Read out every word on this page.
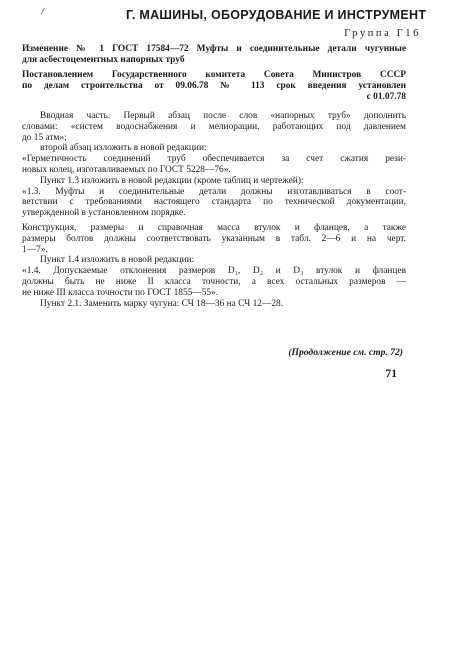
/	Г. МАШИНЫ, ОБОРУДОВАНИЕ И ИНСТРУМЕНТ
Группа Г16

Изменение № 1 ГОСТ 17584—72 Муфты и соединительные детали чугунные

для асбестоцементных напорных труб

Постановлением Государственного комитета Совета Министров СССР

по делам строительства от 09.06.78 № 113 срок введения установлен

с 01.07.78

Вводная часть. Первый абзац после слов «напорных труб» дополнить

словами: «систем водоснабжения и мелиорации, работающих под давлением

до 15 атм»;

второй абзац изложить в новой редакции:

«Герметичность соединений труб обеспечивается за счет сжатия рези-

новых колец, изготавливаемых по ГОСТ 5228—76».

Пункт 1.3 изложить в новой редакции (кроме таблиц и чертежей):

«1.3. Муфты и соединительные детали должны изготавливаться в соот-

ветствии с требованиями настоящего стандарта по технической документации,

утвержденной в установленном порядке.

Конструкция, размеры и справочная масса втулок и фланцев, а также

размеры болтов должны соответствовать указанным в табл. 2—6 и на черт.

1—7».

Пункт 1.4 изложить в новой редакции:

«1.4. Допускаемые отклонения размеров D₁, D₂ и D₃ втулок и фланцев

должны быть не ниже II класса точности, а всех остальных размеров —

не ниже III класса точности по ГОСТ 1855—55».

Пункт 2.1. Заменить марку чугуна: СЧ 18—36 на СЧ 12—28.

(Продолжение см. стр. 72)
71
